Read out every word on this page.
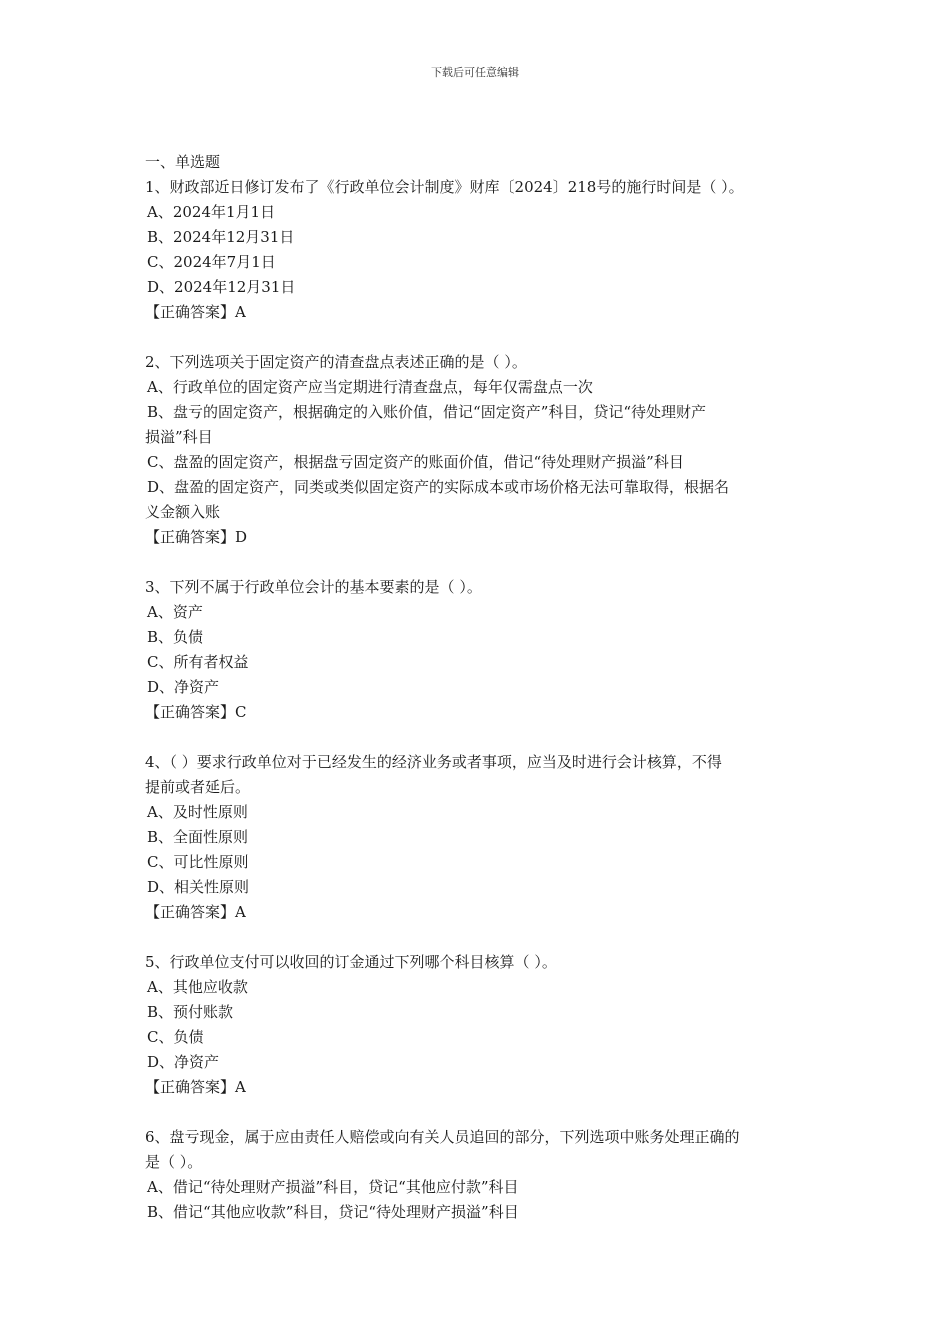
下载后可任意编辑
一、单选题
1、财政部近日修订发布了《行政单位会计制度》财库〔2024〕218号的施行时间是（ ）。
A、2024年1月1日
B、2024年12月31日
C、2024年7月1日
D、2024年12月31日
【正确答案】A
2、下列选项关于固定资产的清查盘点表述正确的是（ ）。
A、行政单位的固定资产应当定期进行清查盘点，每年仅需盘点一次
B、盘亏的固定资产，根据确定的入账价值，借记“固定资产”科目，贷记“待处理财产
损溢”科目
C、盘盈的固定资产，根据盘亏固定资产的账面价值，借记“待处理财产损溢”科目
D、盘盈的固定资产，同类或类似固定资产的实际成本或市场价格无法可靠取得，根据名
义金额入账
【正确答案】D
3、下列不属于行政单位会计的基本要素的是（ ）。
A、资产
B、负债
C、所有者权益
D、净资产
【正确答案】C
4、（ ）要求行政单位对于已经发生的经济业务或者事项，应当及时进行会计核算，不得
提前或者延后。
A、及时性原则
B、全面性原则
C、可比性原则
D、相关性原则
【正确答案】A
5、行政单位支付可以收回的订金通过下列哪个科目核算（ ）。
A、其他应收款
B、预付账款
C、负债
D、净资产
【正确答案】A
6、盘亏现金，属于应由责任人赔偿或向有关人员追回的部分，下列选项中账务处理正确的
是（ ）。
A、借记“待处理财产损溢”科目，贷记“其他应付款”科目
B、借记“其他应收款”科目，贷记“待处理财产损溢”科目
